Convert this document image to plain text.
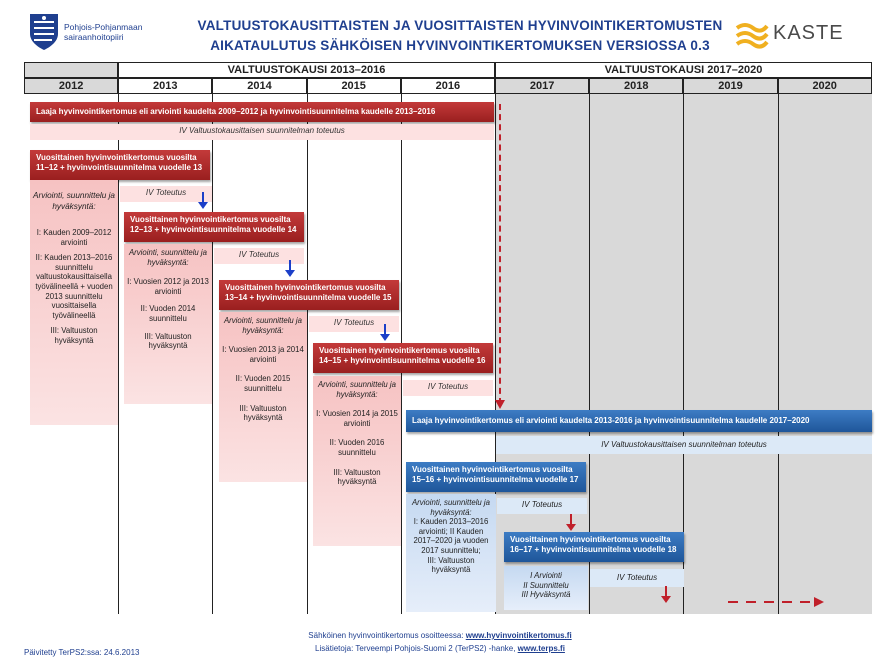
Pohjois-Pohjanmaan
sairaanhoitopiiri
VALTUUSTOKAUSITTAISTEN JA VUOSITTAISTEN HYVINVOINTIKERTOMUSTEN
AIKATAULUTUS SÄHKÖISEN HYVINVOINTIKERTOMUKSEN VERSIOSSA 0.3
KASTE
VALTUUSTOKAUSI 2013–2016	VALTUUSTOKAUSI 2017–2020
2012	2013	2014	2015	2016	2017	2018	2019	2020
Laaja hyvinvointikertomus eli arviointi kaudelta 2009–2012 ja hyvinvointisuunnitelma kaudelle 2013–2016
IV Valtuustokausittaisen suunnitelman toteutus
Vuosittainen hyvinvointikertomus vuosilta 11–12 + hyvinvointisuunnitelma vuodelle 13
Arviointi, suunnittelu ja hyväksyntä:
I: Kauden 2009–2012 arviointi
II: Kauden 2013–2016 suunnittelu valtuustokausittaisella työvälineellä + vuoden 2013 suunnittelu vuosittaisella työvälineellä
III: Valtuuston hyväksyntä
IV Toteutus
Vuosittainen hyvinvointikertomus vuosilta 12–13 + hyvinvointisuunnitelma vuodelle 14
Arviointi, suunnittelu ja hyväksyntä:
I: Vuosien 2012 ja 2013 arviointi
II: Vuoden 2014 suunnittelu
III: Valtuuston hyväksyntä
IV Toteutus
Vuosittainen hyvinvointikertomus vuosilta 13–14 + hyvinvointisuunnitelma vuodelle 15
Arviointi, suunnittelu ja hyväksyntä:
I: Vuosien 2013 ja 2014 arviointi
II: Vuoden 2015 suunnittelu
III: Valtuuston hyväksyntä
IV Toteutus
Vuosittainen hyvinvointikertomus vuosilta 14–15 + hyvinvointisuunnitelma vuodelle 16
Arviointi, suunnittelu ja hyväksyntä:
I: Vuosien 2014 ja 2015 arviointi
II: Vuoden 2016 suunnittelu
III: Valtuuston hyväksyntä
IV Toteutus
Laaja hyvinvointikertomus eli arviointi kaudelta 2013-2016 ja hyvinvointisuunnitelma kaudelle 2017–2020
IV Valtuustokausittaisen suunnitelman toteutus
Vuosittainen hyvinvointikertomus vuosilta 15–16 + hyvinvointisuunnitelma vuodelle 17
Arviointi, suunnittelu ja hyväksyntä:
I: Kauden 2013–2016 arviointi; II Kauden 2017–2020 ja vuoden 2017 suunnittelu;
III: Valtuuston hyväksyntä
IV Toteutus
Vuosittainen hyvinvointikertomus vuosilta 16–17 + hyvinvointisuunnitelma vuodelle 18
I Arviointi
II Suunnittelu
III Hyväksyntä
IV Toteutus
Päivitetty TerPS2:ssa: 24.6.2013
Sähköinen hyvinvointikertomus osoitteessa: www.hyvinvointikertomus.fi
Lisätietoja: Terveempi Pohjois-Suomi 2 (TerPS2) -hanke, www.terps.fi
